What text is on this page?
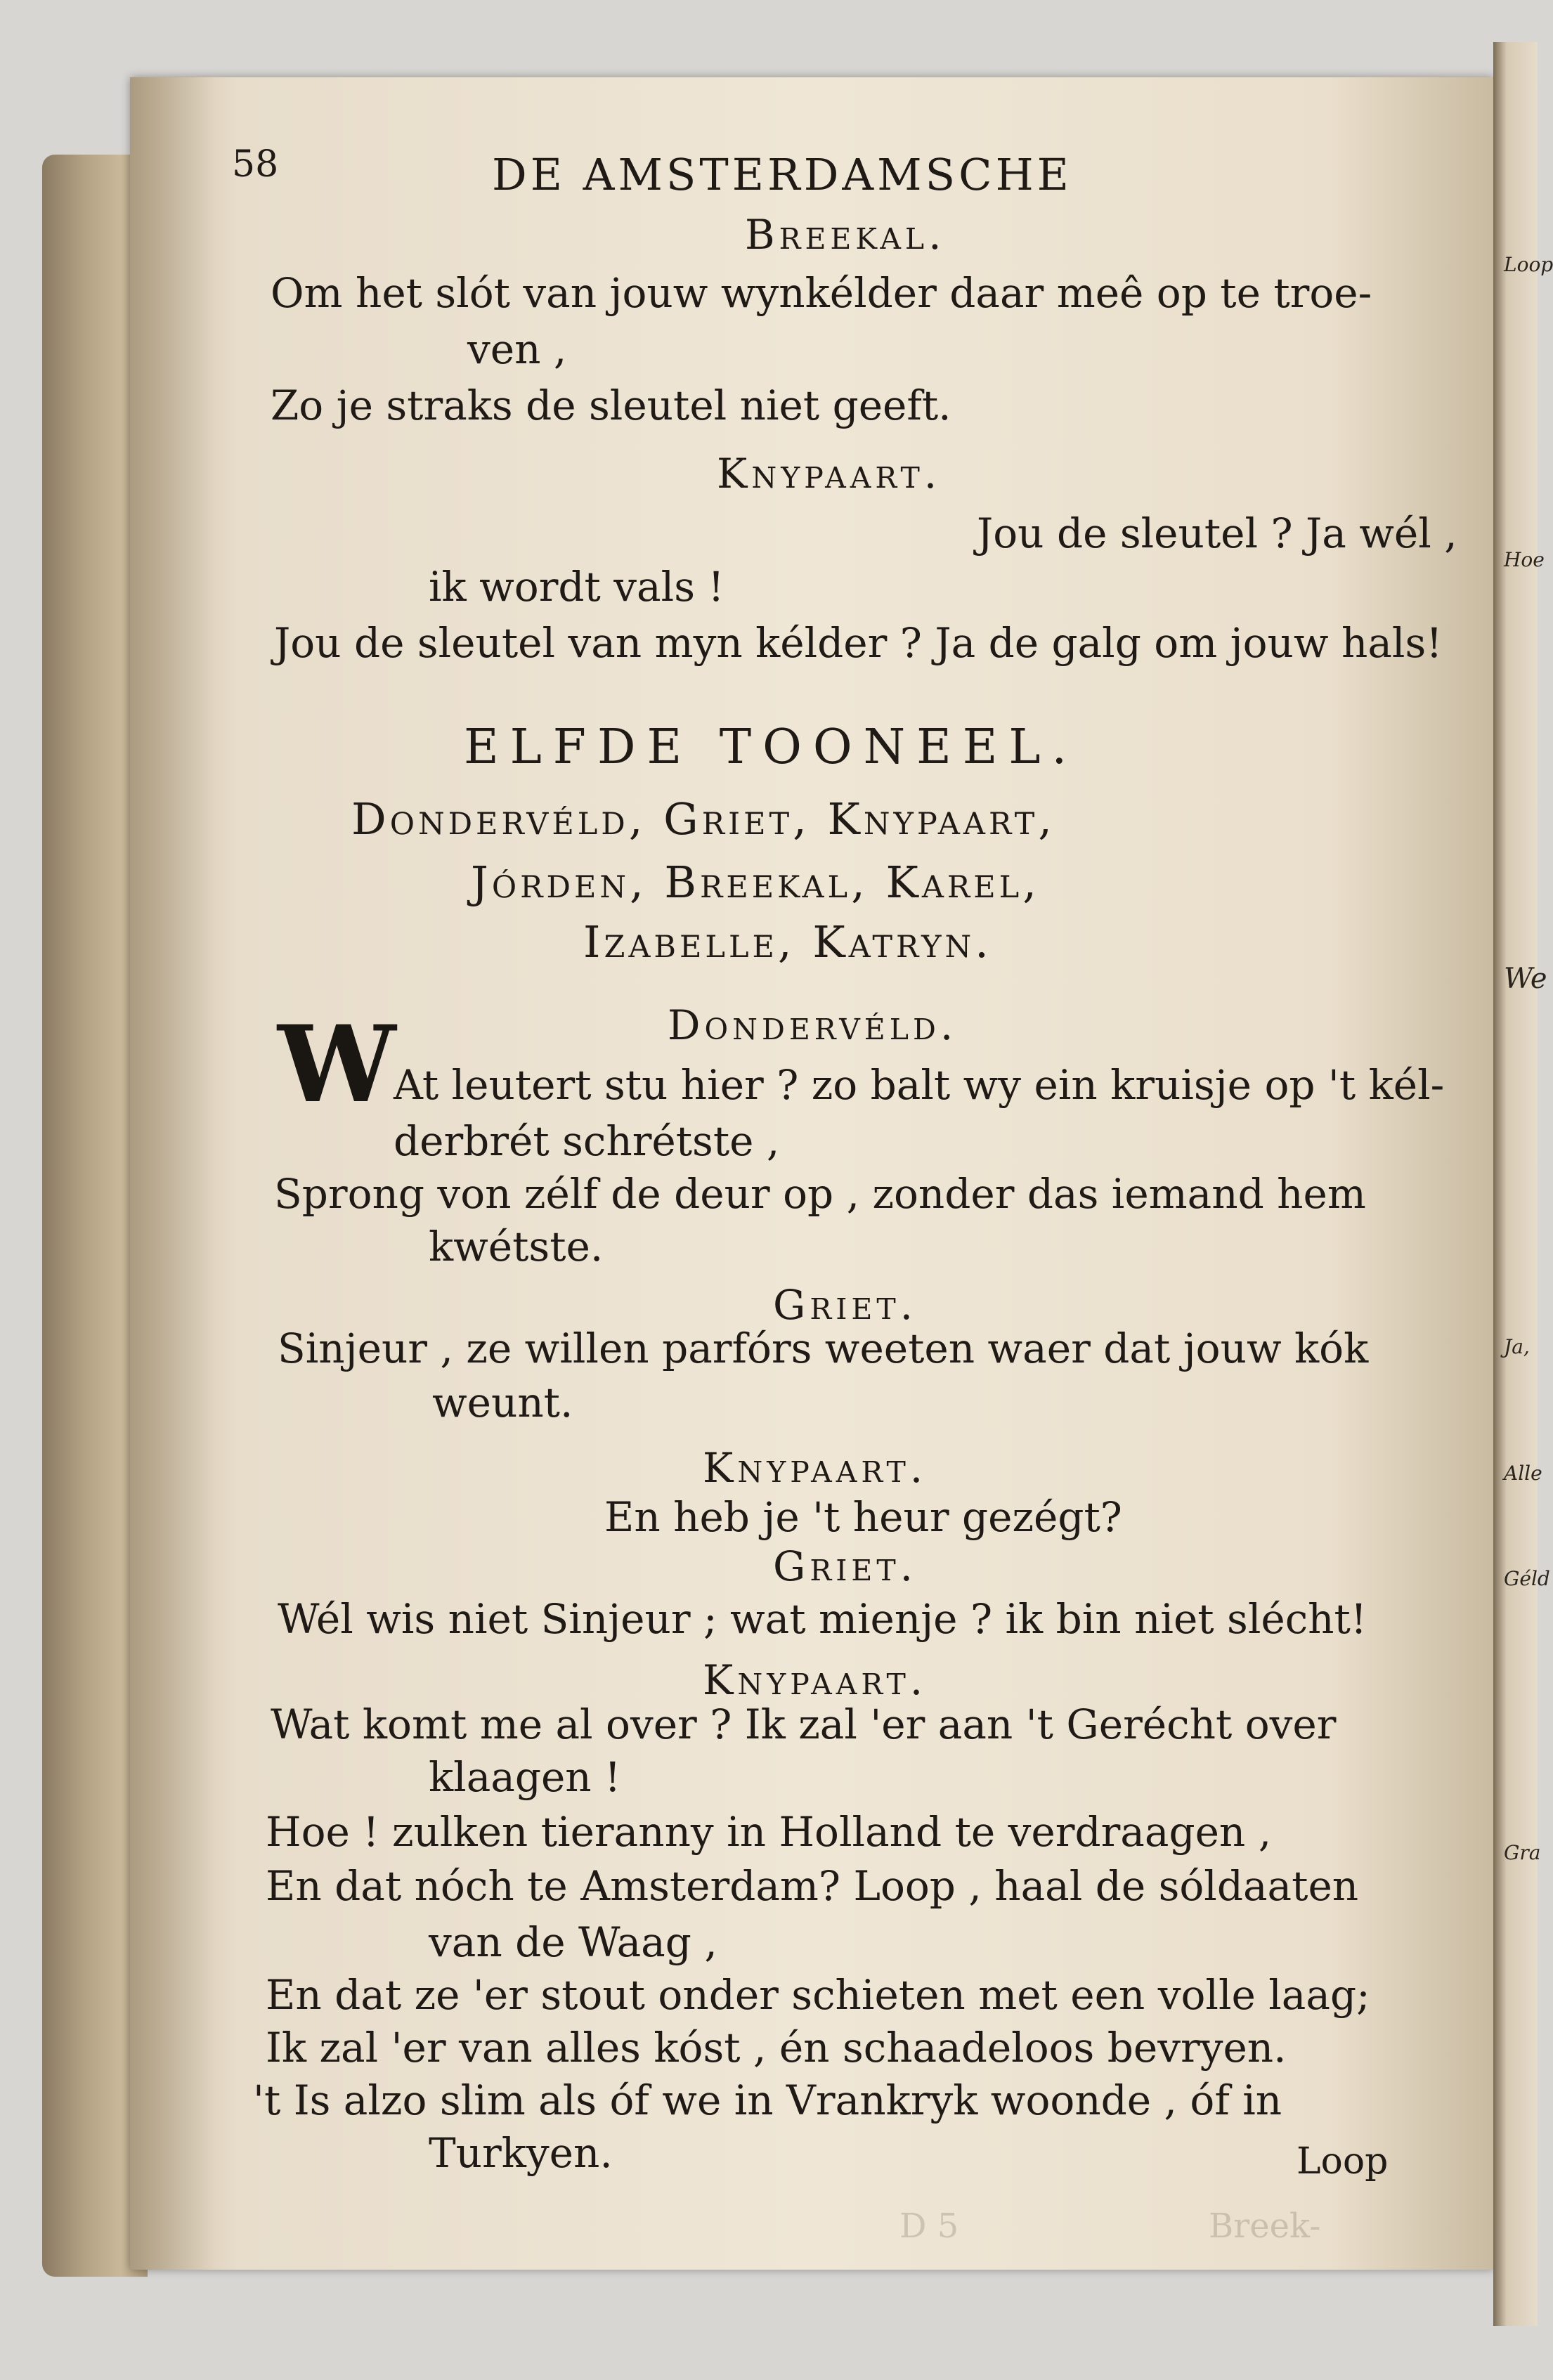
58	DE AMSTERDAMSCHE
Breekal.
Om het slót van jouw wynkélder daar meê op te troe-
ven ,
Zo je straks de sleutel niet geeft.
Knypaart.
Jou de sleutel ? Ja wél ,
ik wordt vals !
Jou de sleutel van myn kélder ? Ja de galg om jouw hals!
ELFDE TOONEEL.
Dondervéld, Griet, Knypaart,
Jórden, Breekal, Karel,
Izabelle, Katryn.
Dondervéld.
W
At leutert stu hier ? zo balt wy ein kruisje op 't kél-
derbrét schrétste ,
Sprong von zélf de deur op , zonder das iemand hem
kwétste.
Griet.
Sinjeur , ze willen parfórs weeten waer dat jouw kók
weunt.
Knypaart.
En heb je 't heur gezégt?
Griet.
Wél wis niet Sinjeur ; wat mienje ? ik bin niet slécht!
Knypaart.
Wat komt me al over ? Ik zal 'er aan 't Gerécht over
klaagen !
Hoe ! zulken tieranny in Holland te verdraagen ,
En dat nóch te Amsterdam? Loop , haal de sóldaaten
van de Waag ,
En dat ze 'er stout onder schieten met een volle laag;
Ik zal 'er van alles kóst , én schaadeloos bevryen.
't Is alzo slim als óf we in Vrankryk woonde , óf in
Turkyen.	Loop
D 5	Breek-
Loop
Hoe
We
Ja,
Alle
Géld
Gra
